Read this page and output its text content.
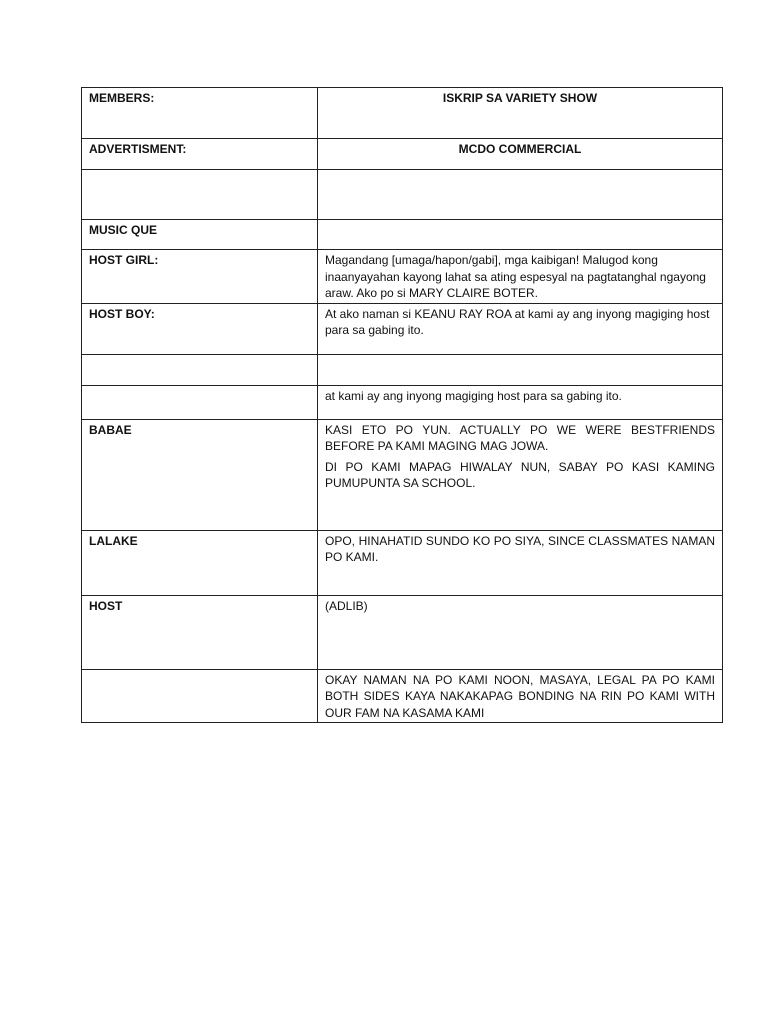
MEMBERS:	ISKRIP SA VARIETY SHOW

ADVERTISMENT:	MCDO COMMERCIAL

MUSIC QUE	

HOST GIRL:	Magandang [umaga/hapon/gabi], mga kaibigan! Malugod kong inaanyayahan kayong lahat sa ating espesyal na pagtatanghal ngayong araw. Ako po si MARY CLAIRE BOTER.

HOST BOY:	At ako naman si KEANU RAY ROA at kami ay ang inyong magiging host para sa gabing ito.

	at kami ay ang inyong magiging host para sa gabing ito.

BABAE	KASI ETO PO YUN. ACTUALLY PO WE WERE BESTFRIENDS BEFORE PA KAMI MAGING MAG JOWA.

DI PO KAMI MAPAG HIWALAY NUN, SABAY PO KASI KAMING PUMUPUNTA SA SCHOOL.

LALAKE	OPO, HINAHATID SUNDO KO PO SIYA, SINCE CLASSMATES NAMAN PO KAMI.

HOST	(ADLIB)

	OKAY NAMAN NA PO KAMI NOON, MASAYA, LEGAL PA PO KAMI BOTH SIDES KAYA NAKAKAPAG BONDING NA RIN PO KAMI WITH OUR FAM NA KASAMA KAMI
